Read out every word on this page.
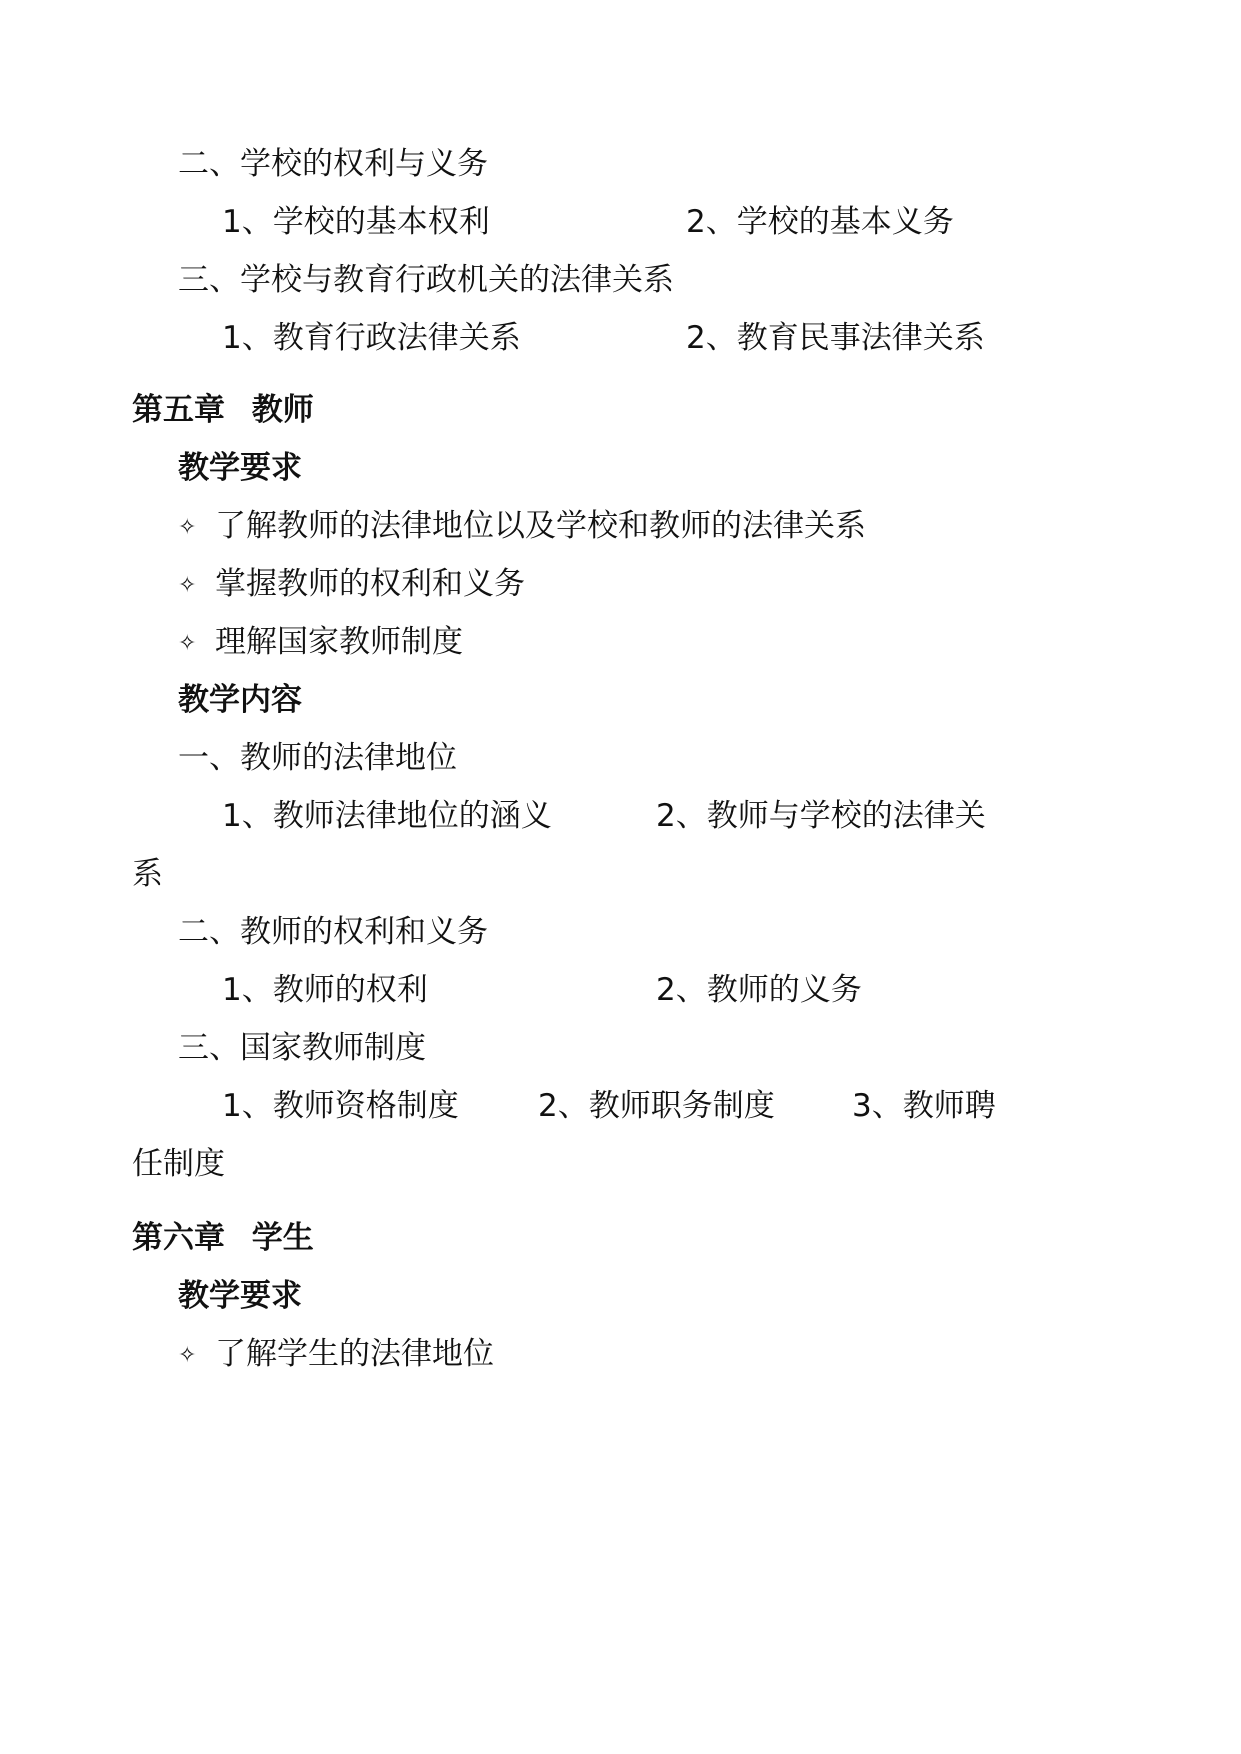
二、学校的权利与义务
1、学校的基本权利	2、学校的基本义务
三、学校与教育行政机关的法律关系
1、教育行政法律关系	2、教育民事法律关系
第五章 教师
教学要求
✧ 了解教师的法律地位以及学校和教师的法律关系
✧ 掌握教师的权利和义务
✧ 理解国家教师制度
教学内容
一、教师的法律地位
1、教师法律地位的涵义	2、教师与学校的法律关
系
二、教师的权利和义务
1、教师的权利	2、教师的义务
三、国家教师制度
1、教师资格制度	2、教师职务制度 3、教师聘
任制度
第六章 学生
教学要求
✧ 了解学生的法律地位
